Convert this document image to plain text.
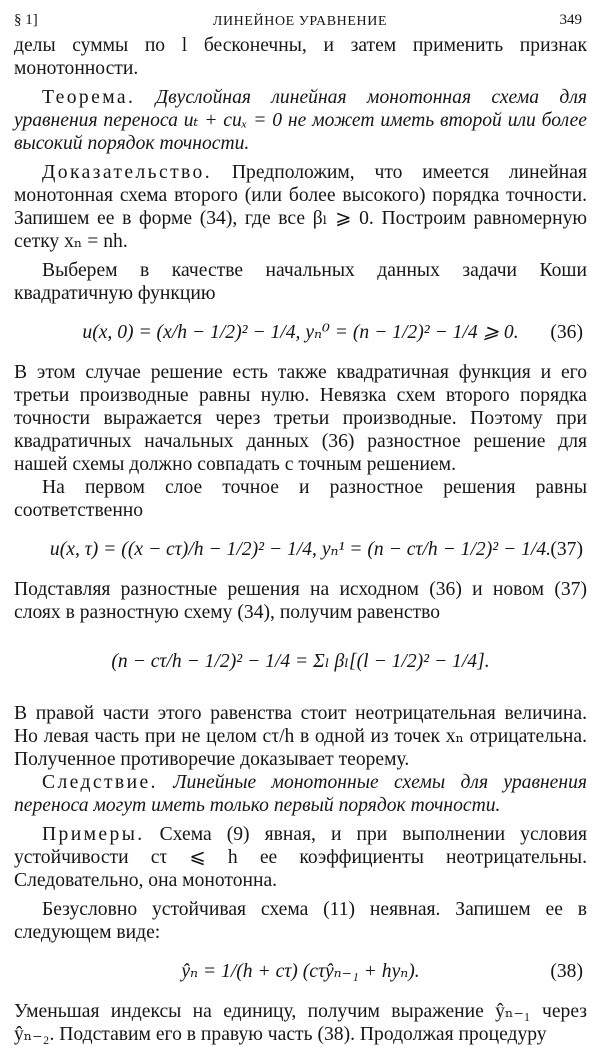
ЛИНЕЙНОЕ УРАВНЕНИЕ
§ 1]	349

делы суммы по l бесконечны, и затем применить признак монотонности.

Теорема. Двуслойная линейная монотонная схема для уравнения переноса uₜ + cuₓ = 0 не может иметь второй или более высокий порядок точности.

Доказательство. Предположим, что имеется линейная монотонная схема второго (или более высокого) порядка точности. Запишем ее в форме (34), где все βₗ ⩾ 0. Построим равномерную сетку xₙ = nh.

Выберем в качестве начальных данных задачи Коши квадратичную функцию

u(x, 0) = (x/h − 1/2)² − 1/4, yₙ⁰ = (n − 1/2)² − 1/4 ⩾ 0.	(36)

В этом случае решение есть также квадратичная функция и его третьи производные равны нулю. Невязка схем второго порядка точности выражается через третьи производные. Поэтому при квадратичных начальных данных (36) разностное решение для нашей схемы должно совпадать с точным решением.

На первом слое точное и разностное решения равны соответственно

u(x, τ) = ((x − cτ)/h − 1/2)² − 1/4, yₙ¹ = (n − cτ/h − 1/2)² − 1/4. (37)

Подставляя разностные решения на исходном (36) и новом (37) слоях в разностную схему (34), получим равенство

(n − cτ/h − 1/2)² − 1/4 = Σₗ βₗ[(l − 1/2)² − 1/4].

В правой части этого равенства стоит неотрицательная величина. Но левая часть при не целом cτ/h в одной из точек xₙ отрицательна. Полученное противоречие доказывает теорему.

Следствие. Линейные монотонные схемы для уравнения переноса могут иметь только первый порядок точности.

Примеры. Схема (9) явная, и при выполнении условия устойчивости cτ ⩽ h ее коэффициенты неотрицательны. Следовательно, она монотонна.

Безусловно устойчивая схема (11) неявная. Запишем ее в следующем виде:

ŷₙ = 1/(h + cτ) (cτŷₙ₋₁ + hyₙ).	(38)

Уменьшая индексы на единицу, получим выражение ŷₙ₋₁ через ŷₙ₋₂. Подставим его в правую часть (38). Продолжая процедуру
